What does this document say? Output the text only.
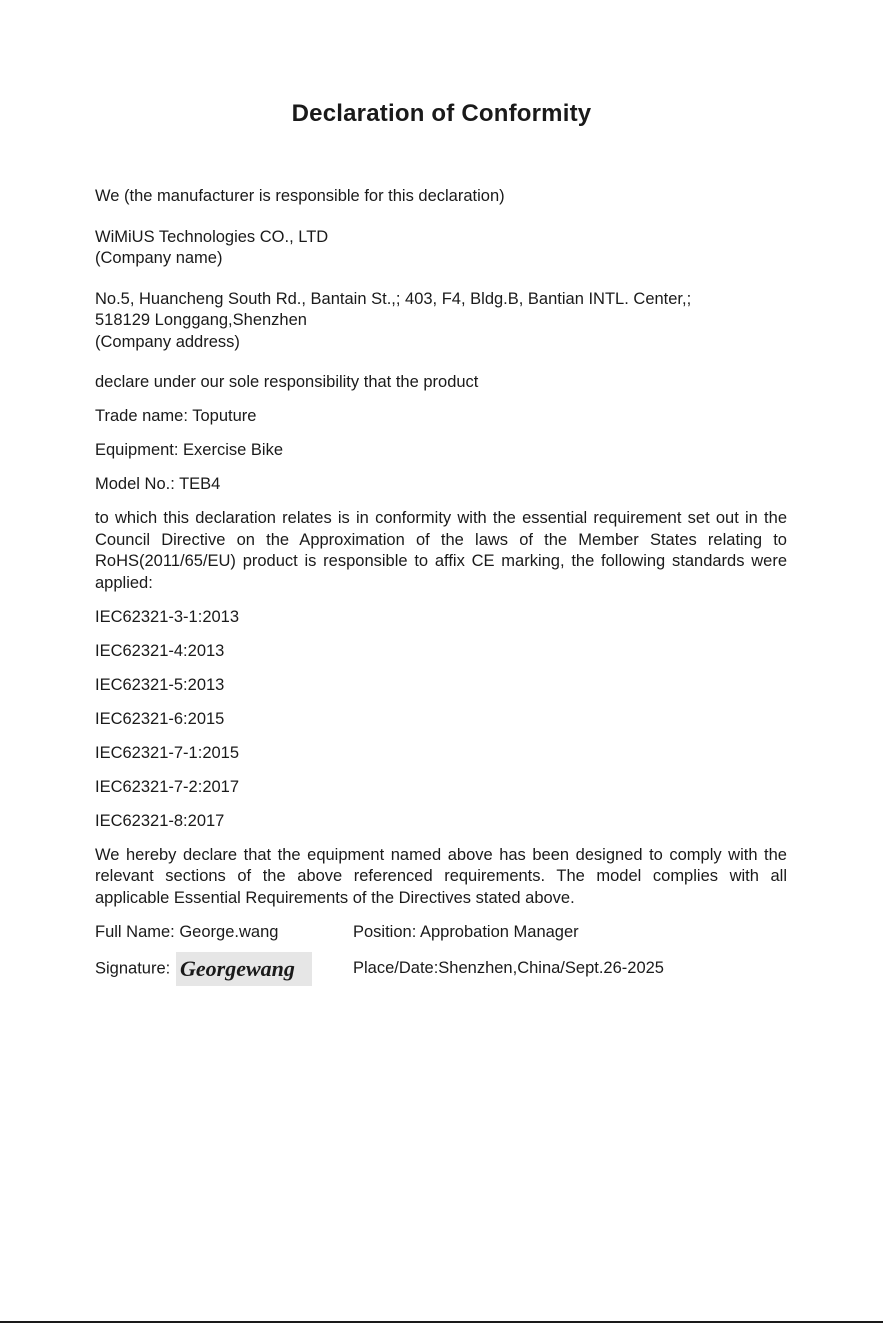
Declaration of Conformity

We (the manufacturer is responsible for this declaration)

WiMiUS Technologies CO., LTD

(Company name)

No.5, Huancheng South Rd., Bantain St.,; 403, F4, Bldg.B, Bantian INTL. Center,;

518129 Longgang,Shenzhen

(Company address)

declare under our sole responsibility that the product

Trade name: Toputure

Equipment: Exercise Bike

Model No.: TEB4

to which this declaration relates is in conformity with the essential requirement set out in the Council Directive on the Approximation of the laws of the Member States relating to RoHS(2011/65/EU) product is responsible to affix CE marking, the following standards were applied:

IEC62321-3-1:2013

IEC62321-4:2013

IEC62321-5:2013

IEC62321-6:2015

IEC62321-7-1:2015

IEC62321-7-2:2017

IEC62321-8:2017

We hereby declare that the equipment named above has been designed to comply with the relevant sections of the above referenced requirements. The model complies with all applicable Essential Requirements of the Directives stated above.

Full Name: George.wang	Position: Approbation Manager
Signature: Georgewang	Place/Date:Shenzhen,China/Sept.26-2025
